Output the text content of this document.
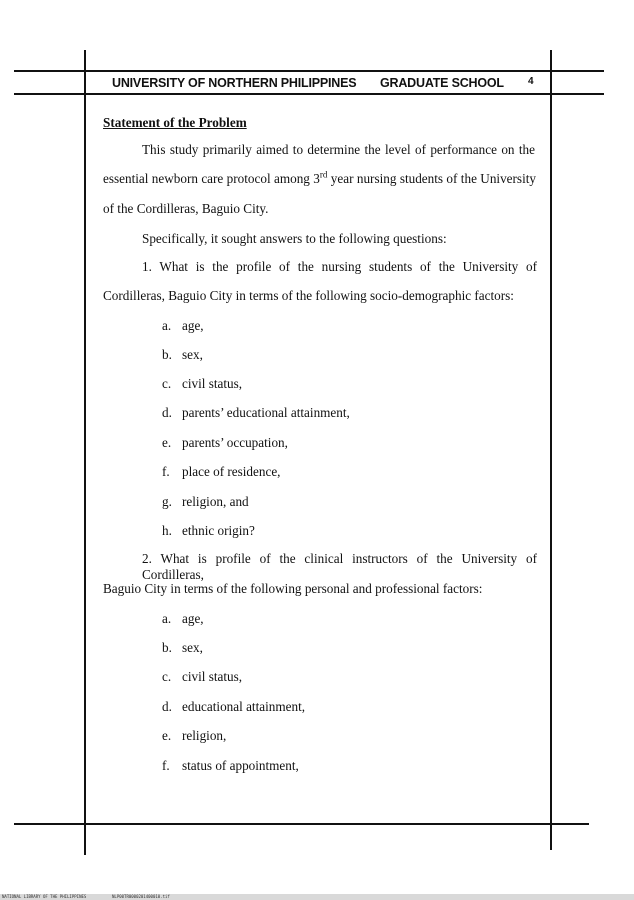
UNIVERSITY OF NORTHERN PHILIPPINES GRADUATE SCHOOL 4
Statement of the Problem
This study primarily aimed to determine the level of performance on the
essential newborn care protocol among 3rd year nursing students of the University
of the Cordilleras, Baguio City.
Specifically, it sought answers to the following questions:
1. What is the profile of the nursing students of the University of
Cordilleras, Baguio City in terms of the following socio-demographic factors:
a. age,
b. sex,
c. civil status,
d. parents’ educational attainment,
e. parents’ occupation,
f. place of residence,
g. religion, and
h. ethnic origin?
2. What is profile of the clinical instructors of the University of Cordilleras,
Baguio City in terms of the following personal and professional factors:
a. age,
b. sex,
c. civil status,
d. educational attainment,
e. religion,
f. status of appointment,
NATIONAL LIBRARY OF THE PHILIPPINES	NLP00TR0000201400010.tif
